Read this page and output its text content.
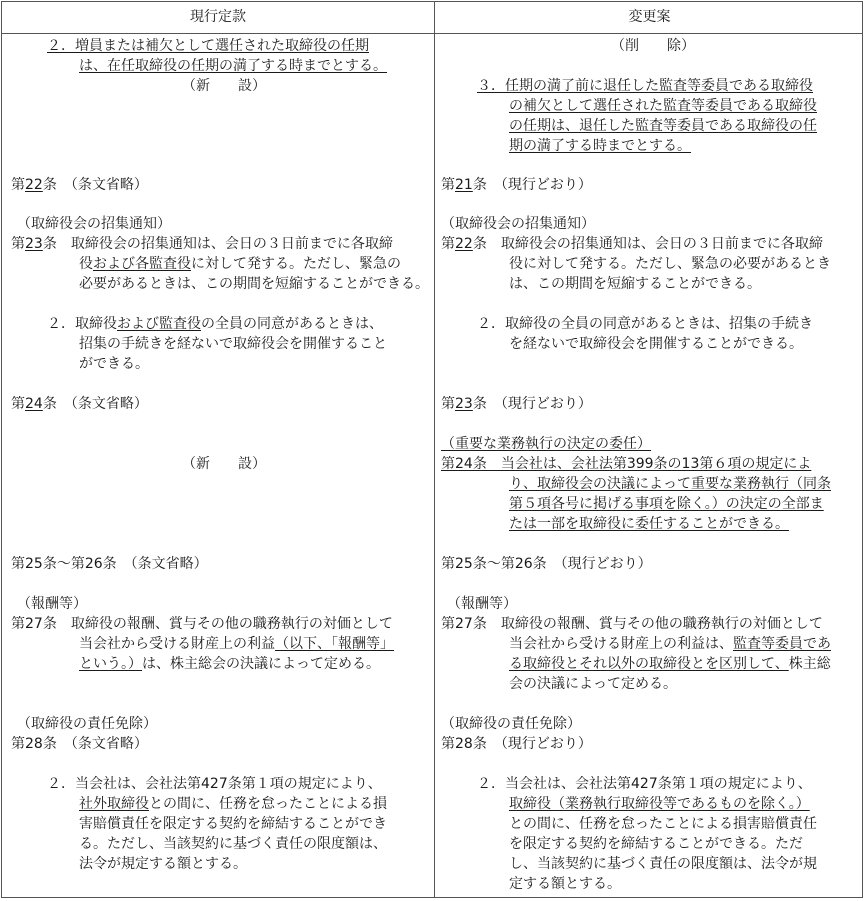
現行定款	変更案
２．増員または補欠として選任された取締役の任期
は、在任取締役の任期の満了する時までとする。
（新　　設）
第22条　（条文省略）
（取締役会の招集通知）
第23条　取締役会の招集通知は、会日の３日前までに各取締
役および各監査役に対して発する。ただし、緊急の
必要があるときは、この期間を短縮することができる。
２．取締役および監査役の全員の同意があるときは、
招集の手続きを経ないで取締役会を開催すること
ができる。
第24条　（条文省略）
（新　　設）
第25条〜第26条　（条文省略）
（報酬等）
第27条　取締役の報酬、賞与その他の職務執行の対価として
当会社から受ける財産上の利益（以下、「報酬等」
という。）は、株主総会の決議によって定める。
（取締役の責任免除）
第28条　（条文省略）
２．当会社は、会社法第427条第１項の規定により、
社外取締役との間に、任務を怠ったことによる損
害賠償責任を限定する契約を締結することができ
る。ただし、当該契約に基づく責任の限度額は、
法令が規定する額とする。
（削　　除）
３．任期の満了前に退任した監査等委員である取締役
の補欠として選任された監査等委員である取締役
の任期は、退任した監査等委員である取締役の任
期の満了する時までとする。
第21条　（現行どおり）
（取締役会の招集通知）
第22条　取締役会の招集通知は、会日の３日前までに各取締
役に対して発する。ただし、緊急の必要があるとき
は、この期間を短縮することができる。
２．取締役の全員の同意があるときは、招集の手続き
を経ないで取締役会を開催することができる。
第23条　（現行どおり）
（重要な業務執行の決定の委任）
第24条　当会社は、会社法第399条の13第６項の規定によ
り、取締役会の決議によって重要な業務執行（同条
第５項各号に掲げる事項を除く。）の決定の全部ま
たは一部を取締役に委任することができる。
第25条〜第26条　（現行どおり）
（報酬等）
第27条　取締役の報酬、賞与その他の職務執行の対価として
当会社から受ける財産上の利益は、監査等委員であ
る取締役とそれ以外の取締役とを区別して、株主総
会の決議によって定める。
（取締役の責任免除）
第28条　（現行どおり）
２．当会社は、会社法第427条第１項の規定により、
取締役（業務執行取締役等であるものを除く。）
との間に、任務を怠ったことによる損害賠償責任
を限定する契約を締結することができる。ただ
し、当該契約に基づく責任の限度額は、法令が規
定する額とする。
